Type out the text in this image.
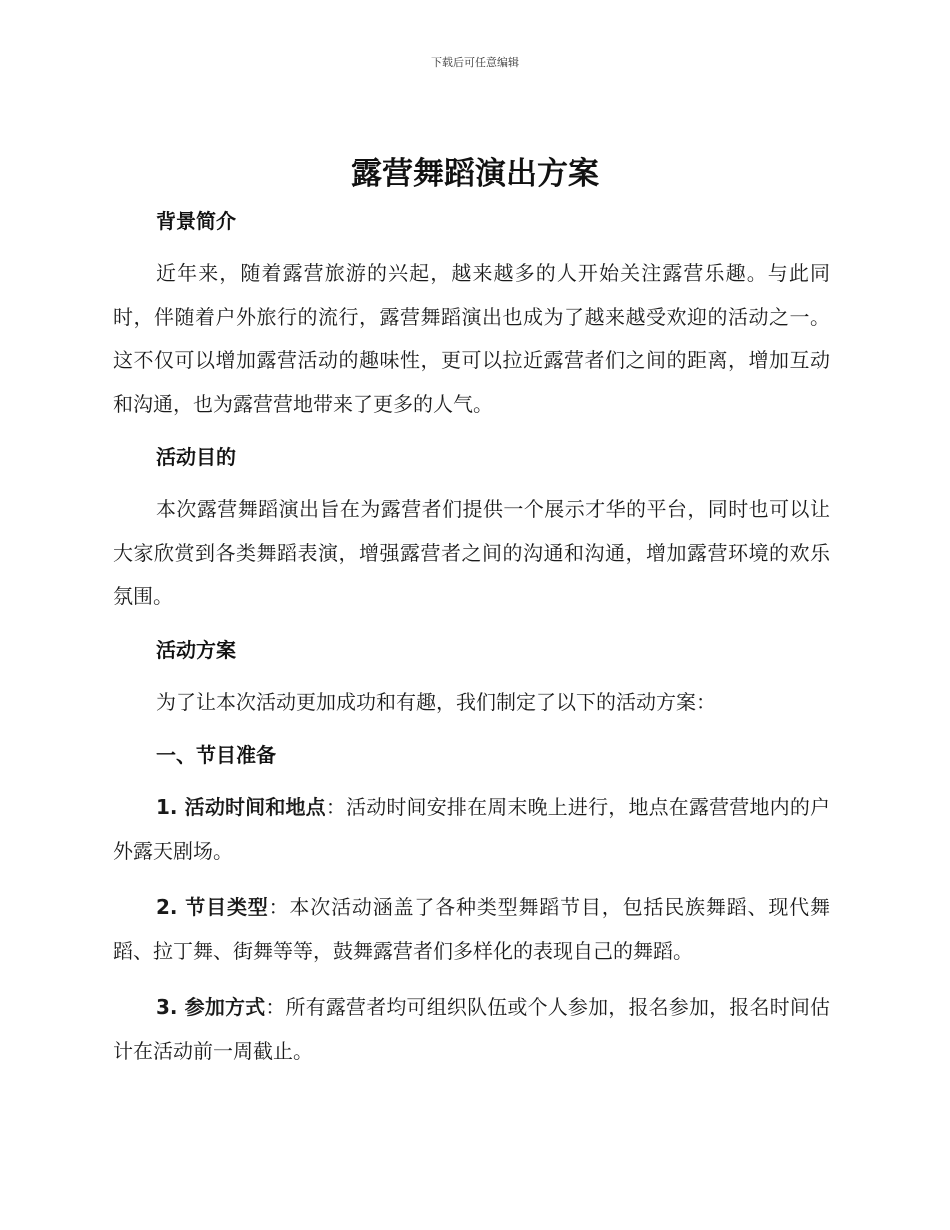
下载后可任意编辑
露营舞蹈演出方案
背景简介

近年来，随着露营旅游的兴起，越来越多的人开始关注露营乐趣。与此同时，伴随着户外旅行的流行，露营舞蹈演出也成为了越来越受欢迎的活动之一。这不仅可以增加露营活动的趣味性，更可以拉近露营者们之间的距离，增加互动和沟通，也为露营营地带来了更多的人气。

活动目的

本次露营舞蹈演出旨在为露营者们提供一个展示才华的平台，同时也可以让大家欣赏到各类舞蹈表演，增强露营者之间的沟通和沟通，增加露营环境的欢乐氛围。

活动方案

为了让本次活动更加成功和有趣，我们制定了以下的活动方案：

一、节目准备

1. 活动时间和地点：活动时间安排在周末晚上进行，地点在露营营地内的户外露天剧场。

2. 节目类型：本次活动涵盖了各种类型舞蹈节目，包括民族舞蹈、现代舞蹈、拉丁舞、街舞等等，鼓舞露营者们多样化的表现自己的舞蹈。

3. 参加方式：所有露营者均可组织队伍或个人参加，报名参加，报名时间估计在活动前一周截止。
